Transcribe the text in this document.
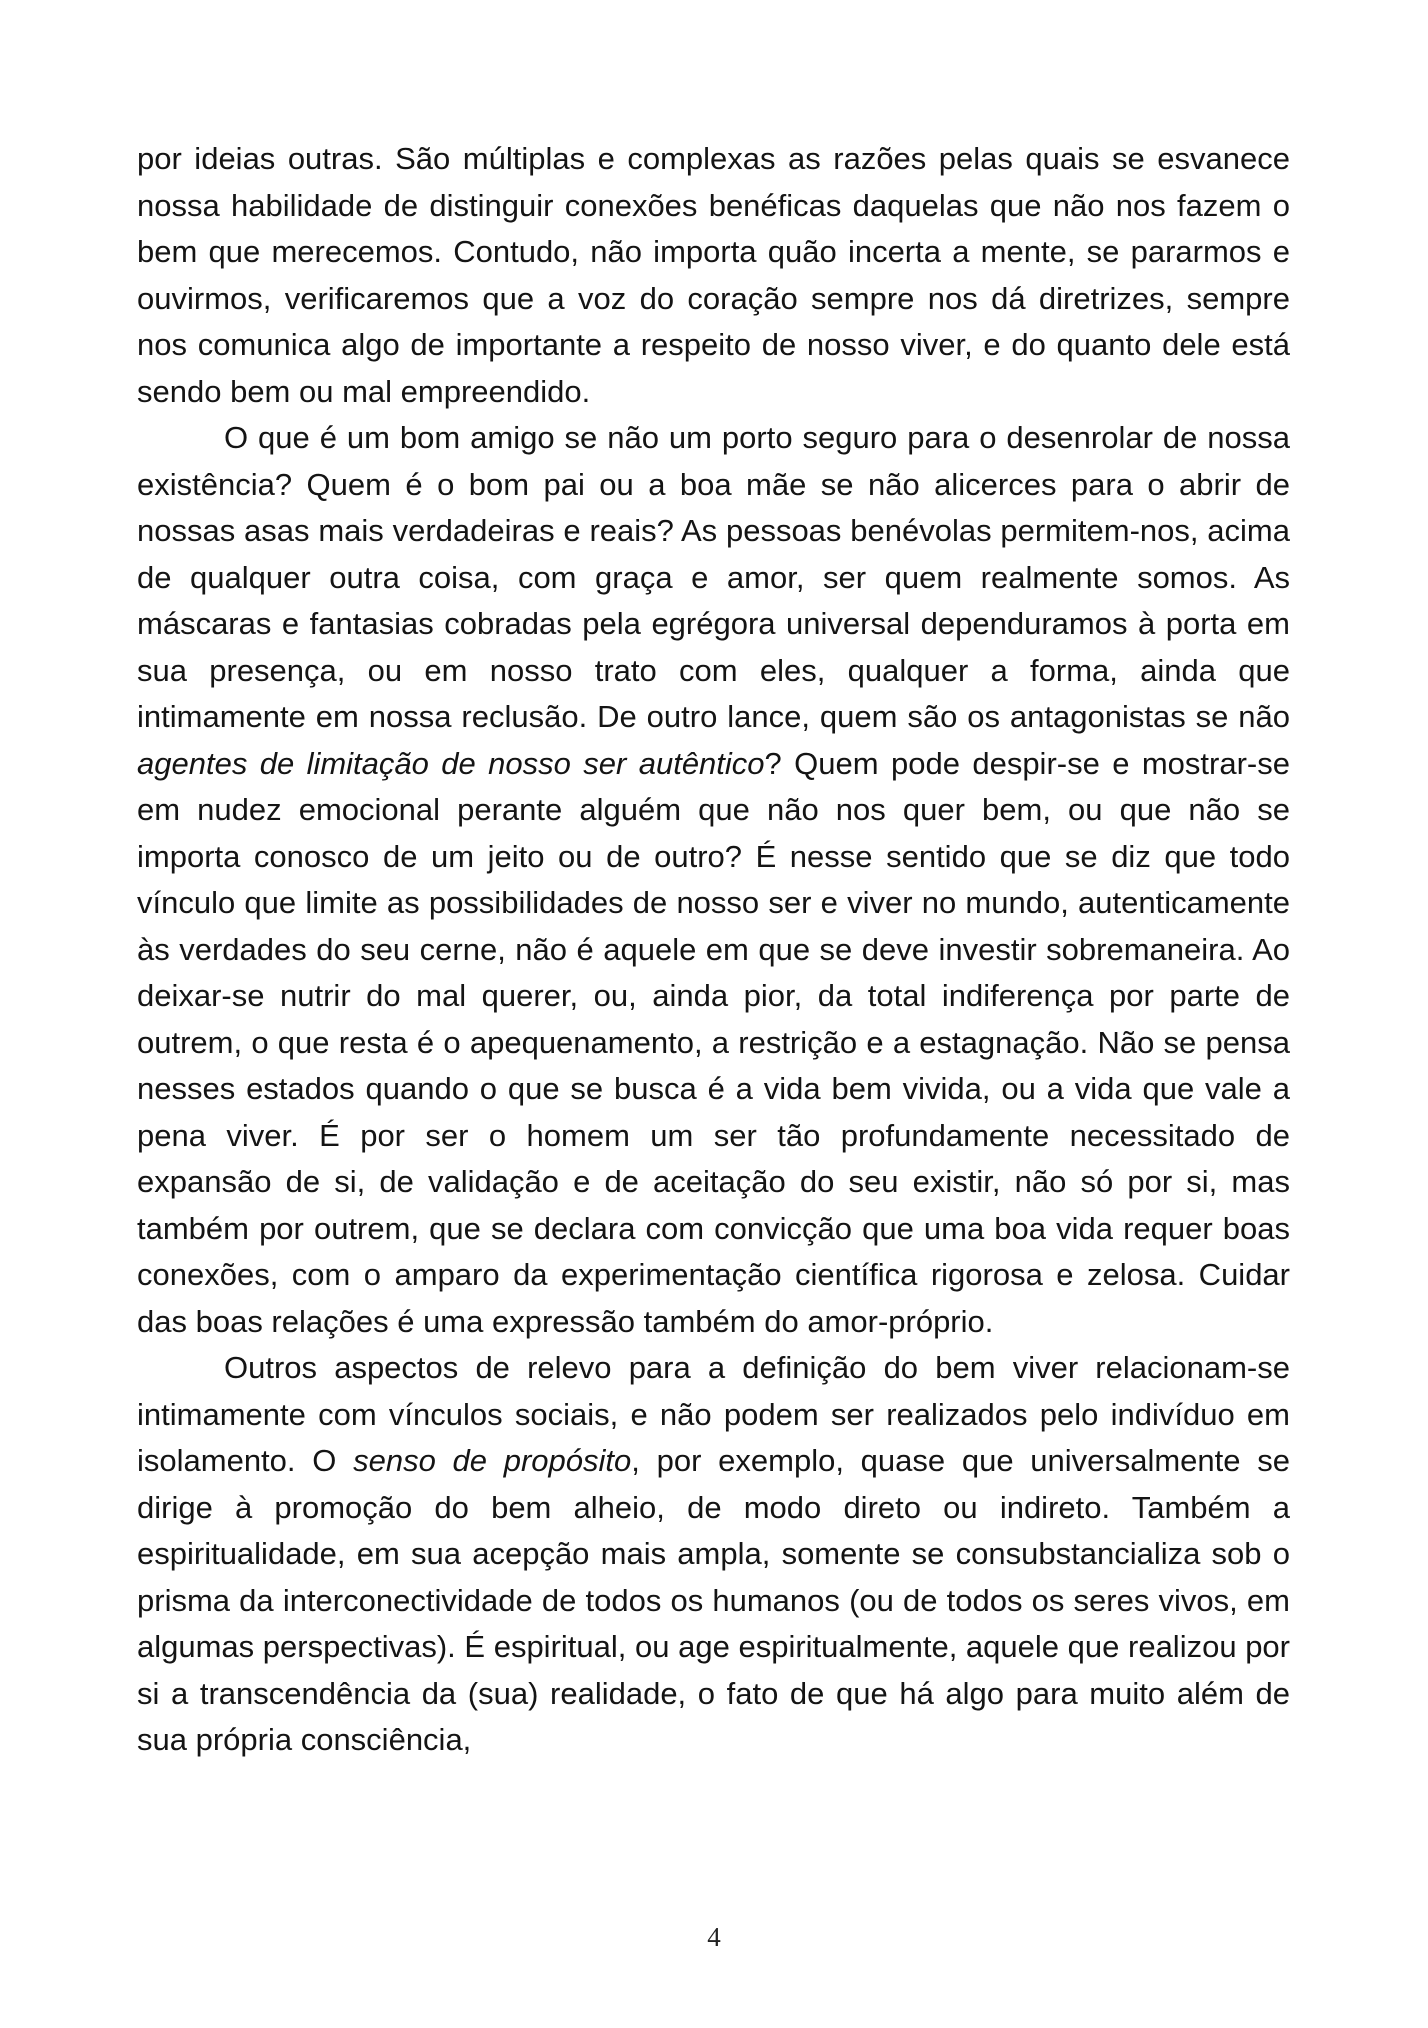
por ideias outras. São múltiplas e complexas as razões pelas quais se esvanece nossa habilidade de distinguir conexões benéficas daquelas que não nos fazem o bem que merecemos. Contudo, não importa quão incerta a mente, se pararmos e ouvirmos, verificaremos que a voz do coração sempre nos dá diretrizes, sempre nos comunica algo de importante a respeito de nosso viver, e do quanto dele está sendo bem ou mal empreendido.

O que é um bom amigo se não um porto seguro para o desenrolar de nossa existência? Quem é o bom pai ou a boa mãe se não alicerces para o abrir de nossas asas mais verdadeiras e reais? As pessoas benévolas permitem-nos, acima de qualquer outra coisa, com graça e amor, ser quem realmente somos. As máscaras e fantasias cobradas pela egrégora universal dependuramos à porta em sua presença, ou em nosso trato com eles, qualquer a forma, ainda que intimamente em nossa reclusão. De outro lance, quem são os antagonistas se não agentes de limitação de nosso ser autêntico? Quem pode despir-se e mostrar-se em nudez emocional perante alguém que não nos quer bem, ou que não se importa conosco de um jeito ou de outro? É nesse sentido que se diz que todo vínculo que limite as possibilidades de nosso ser e viver no mundo, autenticamente às verdades do seu cerne, não é aquele em que se deve investir sobremaneira. Ao deixar-se nutrir do mal querer, ou, ainda pior, da total indiferença por parte de outrem, o que resta é o apequenamento, a restrição e a estagnação. Não se pensa nesses estados quando o que se busca é a vida bem vivida, ou a vida que vale a pena viver. É por ser o homem um ser tão profundamente necessitado de expansão de si, de validação e de aceitação do seu existir, não só por si, mas também por outrem, que se declara com convicção que uma boa vida requer boas conexões, com o amparo da experimentação científica rigorosa e zelosa. Cuidar das boas relações é uma expressão também do amor-próprio.

Outros aspectos de relevo para a definição do bem viver relacionam-se intimamente com vínculos sociais, e não podem ser realizados pelo indivíduo em isolamento. O senso de propósito, por exemplo, quase que universalmente se dirige à promoção do bem alheio, de modo direto ou indireto. Também a espiritualidade, em sua acepção mais ampla, somente se consubstancializa sob o prisma da interconectividade de todos os humanos (ou de todos os seres vivos, em algumas perspectivas). É espiritual, ou age espiritualmente, aquele que realizou por si a transcendência da (sua) realidade, o fato de que há algo para muito além de sua própria consciência,

4
